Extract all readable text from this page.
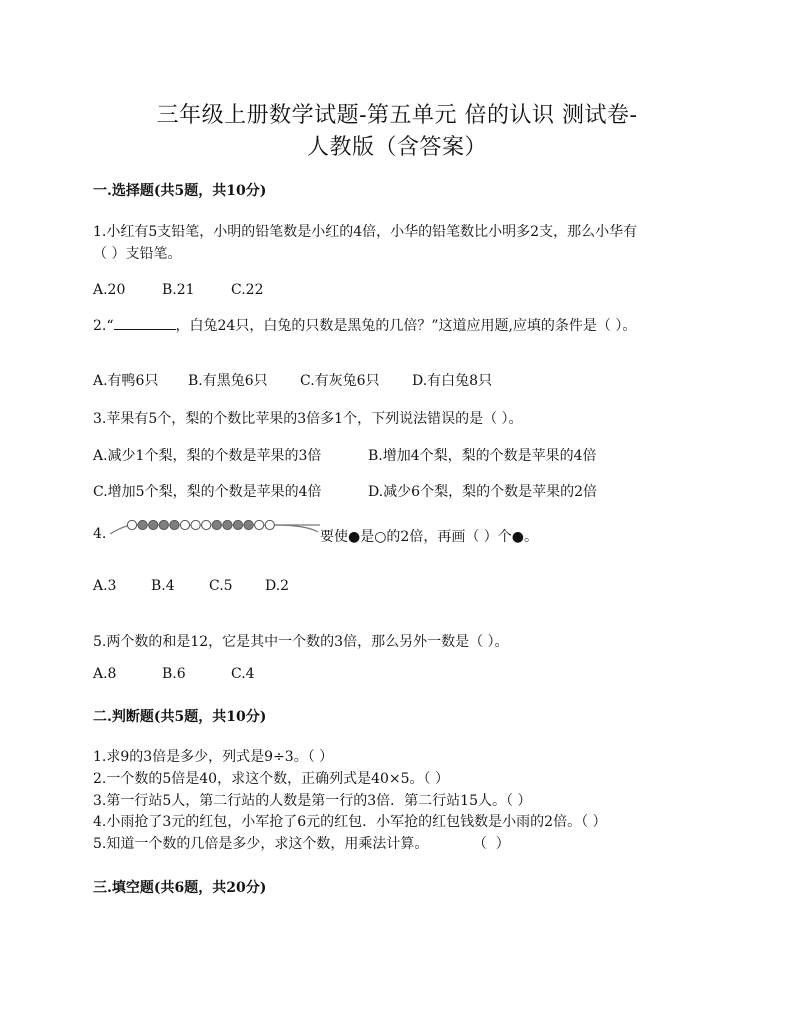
三年级上册数学试题-第五单元 倍的认识 测试卷-
人教版（含答案）
一.选择题(共5题，共10分)
1.小红有5支铅笔，小明的铅笔数是小红的4倍，小华的铅笔数比小明多2支，那么小华有
（ ）支铅笔。
A.20	B.21	C.22
2.“	，白兔24只，白兔的只数是黑兔的几倍？”这道应用题,应填的条件是（ ）。
A.有鸭6只 B.有黑兔6只 C.有灰兔6只 D.有白兔8只
3.苹果有5个，梨的个数比苹果的3倍多1个，下列说法错误的是（ ）。
A.减少1个梨，梨的个数是苹果的3倍	B.增加4个梨，梨的个数是苹果的4倍
C.增加5个梨，梨的个数是苹果的4倍	D.减少6个梨，梨的个数是苹果的2倍
4.	要使●是○的2倍，再画（ ）个●。
A.3 B.4 C.5 D.2
5.两个数的和是12，它是其中一个数的3倍，那么另外一数是（ ）。
A.8	B.6	C.4
二.判断题(共5题，共10分)
1.求9的3倍是多少，列式是9÷3。（ ）
2.一个数的5倍是40，求这个数，正确列式是40×5。（ ）
3.第一行站5人，第二行站的人数是第一行的3倍．第二行站15人。（ ）
4.小雨抢了3元的红包，小军抢了6元的红包．小军抢的红包钱数是小雨的2倍。（ ）
5.知道一个数的几倍是多少，求这个数，用乘法计算。          （  ）
三.填空题(共6题，共20分)
